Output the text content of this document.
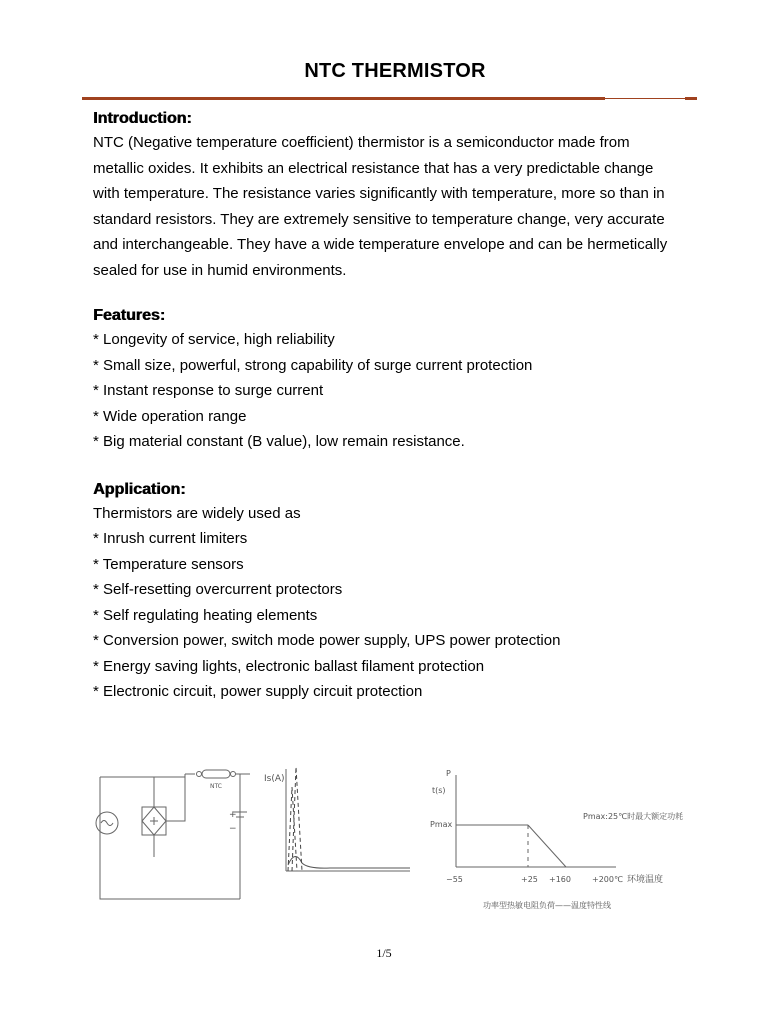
NTC THERMISTOR
Introduction:
NTC (Negative temperature coefficient) thermistor is a semiconductor made from
metallic oxides. It exhibits an electrical resistance that has a very predictable change
with temperature. The resistance varies significantly with temperature, more so than in
standard resistors. They are extremely sensitive to temperature change, very accurate
and interchangeable. They have a wide temperature envelope and can be hermetically
sealed for use in humid environments.
Features:
* Longevity of service, high reliability
* Small size, powerful, strong capability of surge current protection
* Instant response to surge current
* Wide operation range
* Big material constant (B value), low remain resistance.
Application:
Thermistors are widely used as
* Inrush current limiters
* Temperature sensors
* Self-resetting overcurrent protectors
* Self regulating heating elements
* Conversion power, switch mode power supply, UPS power protection
* Energy saving lights, electronic ballast filament protection
* Electronic circuit, power supply circuit protection
NTC
+
−
Is(A)
P
t(s)
Pmax
Pmax:25℃时最大额定功耗
−55	+25 +160	+200℃ 环境温度
功率型热敏电阻负荷——温度特性线
1/5
